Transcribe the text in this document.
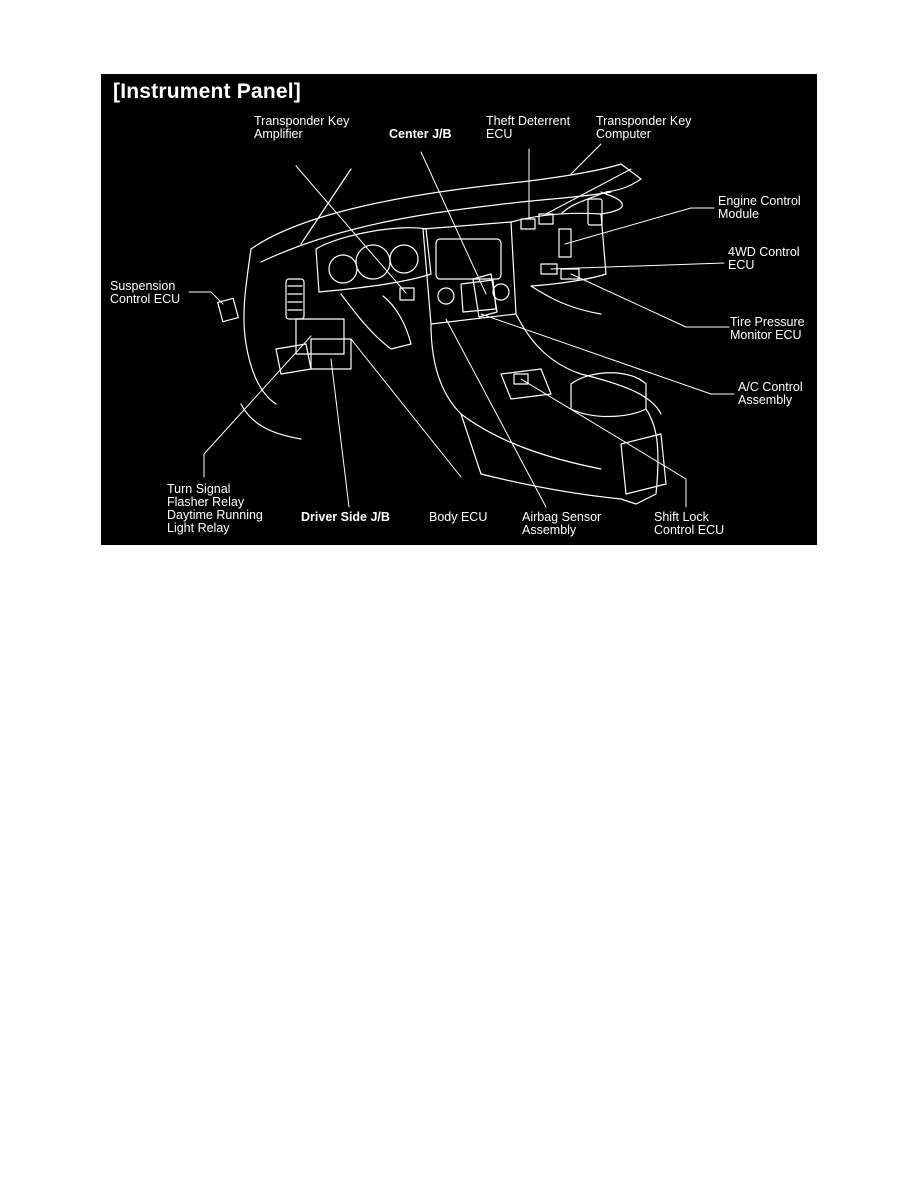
[Instrument Panel]
Transponder Key
Amplifier	Center J/B
Theft Deterrent
ECU
Transponder Key
Computer
Engine Control
Module
4WD Control
ECU
Suspension
Control ECU
Tire Pressure
Monitor ECU
A/C Control
Assembly
Turn Signal
Flasher Relay
Daytime Running
Light Relay
Driver Side J/B	Body ECU	Airbag Sensor
Assembly
Shift Lock
Control ECU
